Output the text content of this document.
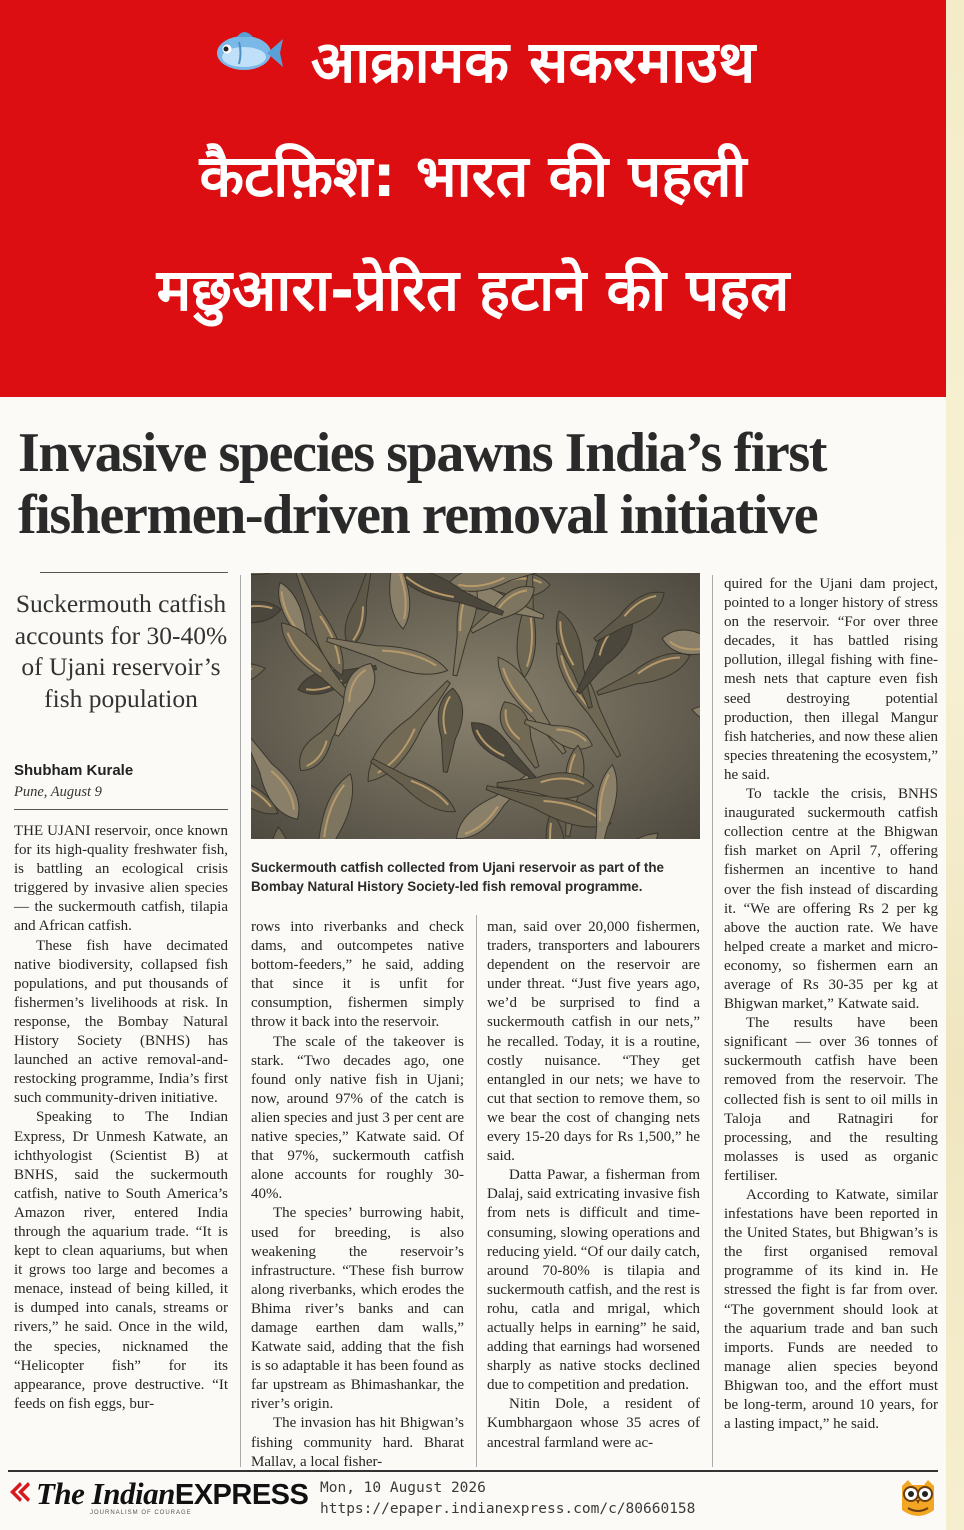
आक्रामक सकरमाउथ
कैटफ़िश: भारत की पहली
मछुआरा-प्रेरित हटाने की पहल
Invasive species spawns India’s first
fishermen-driven removal initiative
Suckermouth catfish accounts for 30-40% of Ujani reservoir’s fish population
Shubham Kurale
Pune, August 9
Suckermouth catfish collected from Ujani reservoir as part of the Bombay Natural History Society-led fish removal programme.

THE UJANI reservoir, once known for its high-quality freshwater fish, is battling an ecological crisis triggered by invasive alien species — the suckermouth catfish, tilapia and African catfish.

These fish have decimated native biodiversity, collapsed fish populations, and put thousands of fishermen’s livelihoods at risk. In response, the Bombay Natural History Society (BNHS) has launched an active removal-and-restocking programme, India’s first such community-driven initiative.

Speaking to The Indian Express, Dr Unmesh Katwate, an ichthyologist (Scientist B) at BNHS, said the suckermouth catfish, native to South America’s Amazon river, entered India through the aquarium trade. “It is kept to clean aquariums, but when it grows too large and becomes a menace, instead of being killed, it is dumped into canals, streams or rivers,” he said. Once in the wild, the species, nicknamed the “Helicopter fish” for its appearance, prove destructive. “It feeds on fish eggs, bur-

rows into riverbanks and check dams, and outcompetes native bottom-feeders,” he said, adding that since it is unfit for consumption, fishermen simply throw it back into the reservoir.

The scale of the takeover is stark. “Two decades ago, one found only native fish in Ujani; now, around 97% of the catch is alien species and just 3 per cent are native species,” Katwate said. Of that 97%, suckermouth catfish alone accounts for roughly 30-40%.

The species’ burrowing habit, used for breeding, is also weakening the reservoir’s infrastructure. “These fish burrow along riverbanks, which erodes the Bhima river’s banks and can damage earthen dam walls,” Katwate said, adding that the fish is so adaptable it has been found as far upstream as Bhimashankar, the river’s origin.

The invasion has hit Bhigwan’s fishing community hard. Bharat Mallav, a local fisher-

man, said over 20,000 fishermen, traders, transporters and labourers dependent on the reservoir are under threat. “Just five years ago, we’d be surprised to find a suckermouth catfish in our nets,” he recalled. Today, it is a routine, costly nuisance. “They get entangled in our nets; we have to cut that section to remove them, so we bear the cost of changing nets every 15-20 days for Rs 1,500,” he said.

Datta Pawar, a fisherman from Dalaj, said extricating invasive fish from nets is difficult and time-consuming, slowing operations and reducing yield. “Of our daily catch, around 70-80% is tilapia and suckermouth catfish, and the rest is rohu, catla and mrigal, which actually helps in earning” he said, adding that earnings had worsened sharply as native stocks declined due to competition and predation.

Nitin Dole, a resident of Kumbhargaon whose 35 acres of ancestral farmland were ac-

quired for the Ujani dam project, pointed to a longer history of stress on the reservoir. “For over three decades, it has battled rising pollution, illegal fishing with fine-mesh nets that capture even fish seed destroying potential production, then illegal Mangur fish hatcheries, and now these alien species threatening the ecosystem,” he said.

To tackle the crisis, BNHS inaugurated suckermouth catfish collection centre at the Bhigwan fish market on April 7, offering fishermen an incentive to hand over the fish instead of discarding it. “We are offering Rs 2 per kg above the auction rate. We have helped create a market and micro-economy, so fishermen earn an average of Rs 30-35 per kg at Bhigwan market,” Katwate said.

The results have been significant — over 36 tonnes of suckermouth catfish have been removed from the reservoir. The collected fish is sent to oil mills in Taloja and Ratnagiri for processing, and the resulting molasses is used as organic fertiliser.

According to Katwate, similar infestations have been reported in the United States, but Bhigwan’s is the first organised removal programme of its kind in. He stressed the fight is far from over. “The government should look at the aquarium trade and ban such imports. Funds are needed to manage alien species beyond Bhigwan too, and the effort must be long-term, around 10 years, for a lasting impact,” he said.

The IndianEXPRESS
JOURNALISM OF COURAGE
Mon, 10 August 2026
https://epaper.indianexpress.com/c/80660158
